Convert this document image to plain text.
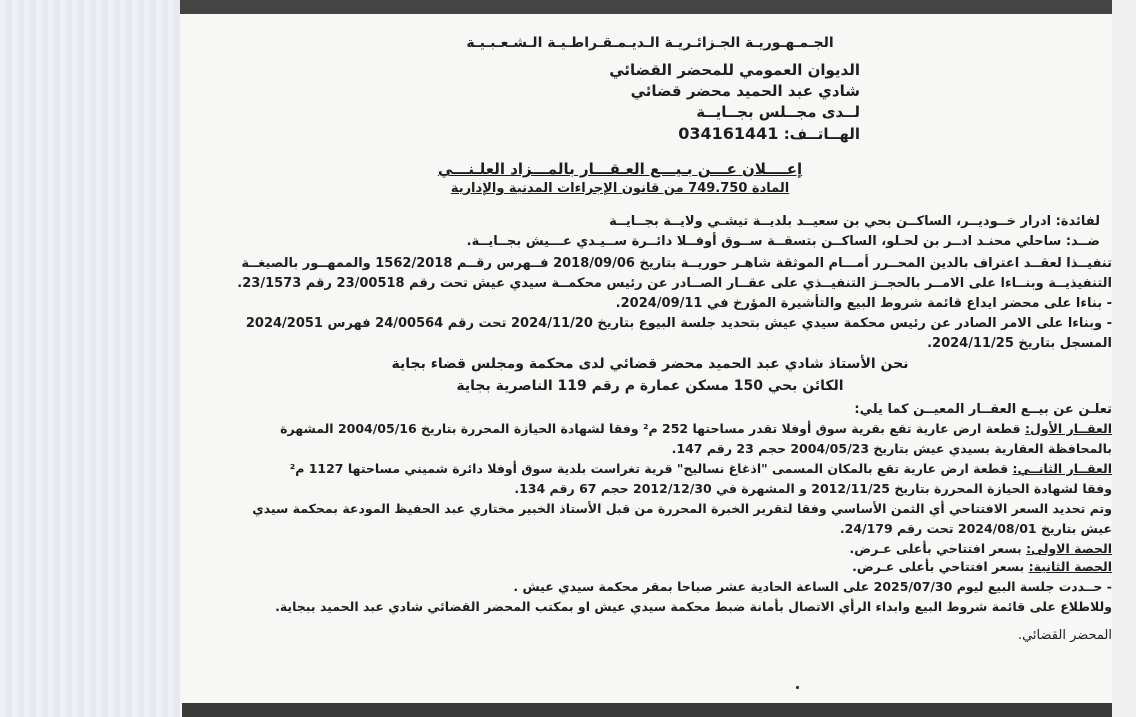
الجـمـهـوريـة الجـزائـريـة الـديـمـقـراطـيـة الـشـعـبـيـة
الديوان العمومي للمحضر القضائي
شادي عبد الحميد محضر قضائي
لــدى مجــلس بجــايــة
الهــاتــف: 034161441
إعــــلان عـــن بـيـــع العـقـــار بالمـــزاد العلـنـــي
المادة 749.750 من قانون الإجراءات المدنية والإدارية
لفائدة: ادرار خــوديــر، الساكــن بحي بن سعيــد بلديــة تيشـي ولايــة بجــايــة
ضــد: ساحلي محنـد ادــر بن لحـلو، الساكــن بتسقــة ســوق أوفــلا دائــرة ســيـدي عـــيش بجــايــة.
تنفيــذا لعقــد اعتراف بالدين المحــرر أمـــام الموثقة شاهـر حوريــة بتاريخ 2018/09/06 فــهرس رقــم 1562/2018 والممهــور بالصيغــة
التنفيذيــة وبنــاءا على الامــر بالحجــز التنفيــذي على عقــار الصــادر عن رئيس محكمــة سيدي عيش تحت رقم 23/00518 رقم 23/1573.
- بناءا على محضر ايداع قائمة شروط البيع والتأشيرة المؤرخ في 2024/09/11.
- وبناءا على الامر الصادر عن رئيس محكمة سيدي عيش بتحديد جلسة البيوع بتاريخ 2024/11/20 تحت رقم 24/00564 فهرس 2024/2051
المسجل بتاريخ 2024/11/25.
نحن الأستاذ شادي عبد الحميد محضر قضائي لدى محكمة ومجلس قضاء بجاية
الكائن بحي 150 مسكن عمارة م رقم 119 الناصرية بجاية
تعلـن عن بيــع العقــار المعيــن كما يلي:
العقــار الأول: قطعة ارض عارية تقع بقرية سوق أوفلا تقدر مساحتها 252 م² وفقا لشهادة الحيازة المحررة بتاريخ 2004/05/16 المشهرة
بالمحافظة العقارية بسيدي عيش بتاريخ 2004/05/23 حجم 23 رقم 147.
العقــار الثانــي: قطعة ارض عارية تقع بالمكان المسمى "اذغاغ نساليح" قرية تغراست بلدية سوق أوفلا دائرة شميني مساحتها 1127 م²
وفقا لشهادة الحيازة المحررة بتاريخ 2012/11/25 و المشهرة في 2012/12/30 حجم 67 رقم 134.
وتم تحديد السعر الافتتاحي أي الثمن الأساسي وفقا لتقرير الخبرة المحررة من قبل الأستاذ الخبير مختاري عبد الحفيظ المودعة بمحكمة سيدي
عيش بتاريخ 2024/08/01 تحت رقم 24/179.
الحصة الاولى: بسعر افتتاحي بأعلى عـرض.
الحصة الثانية: بسعر افتتاحي بأعلى عـرض.
- حــددت جلسة البيع ليوم 2025/07/30 على الساعة الحادية عشر صباحا بمقر محكمة سيدي عيش .
وللاطلاع على قائمة شروط البيع وابداء الرأي الاتصال بأمانة ضبط محكمة سيدي عيش او بمكتب المحضر القضائي شادي عبد الحميد ببجاية.
المحضر القضائي.
